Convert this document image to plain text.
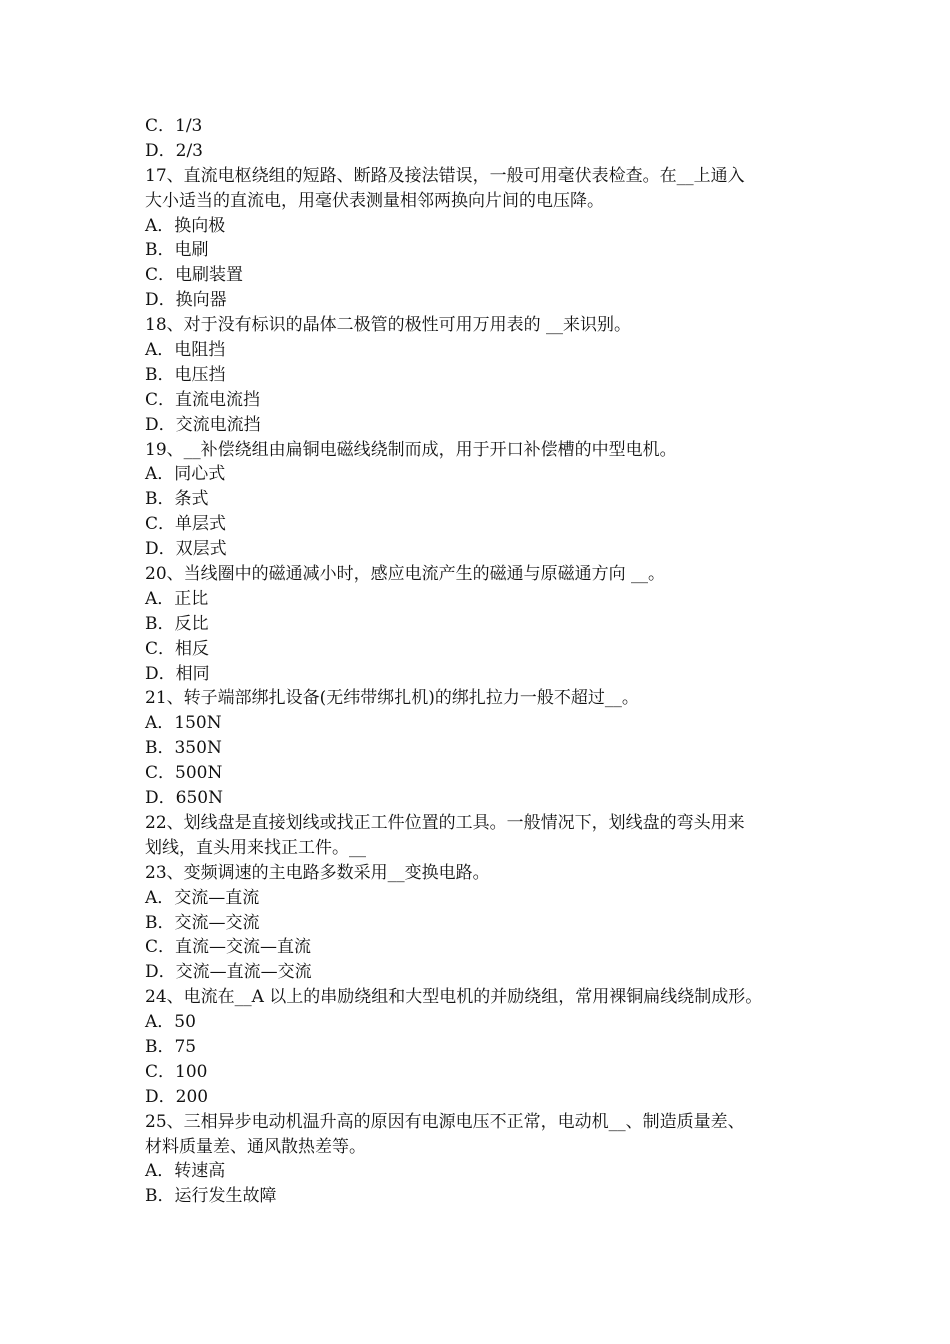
C．1/3
D．2/3
17、直流电枢绕组的短路、断路及接法错误，一般可用毫伏表检查。在__上通入
大小适当的直流电，用毫伏表测量相邻两换向片间的电压降。
A．换向极
B．电刷
C．电刷装置
D．换向器
18、对于没有标识的晶体二极管的极性可用万用表的 __来识别。
A．电阻挡
B．电压挡
C．直流电流挡
D．交流电流挡
19、__补偿绕组由扁铜电磁线绕制而成，用于开口补偿槽的中型电机。
A．同心式
B．条式
C．单层式
D．双层式
20、当线圈中的磁通减小时，感应电流产生的磁通与原磁通方向 __。
A．正比
B．反比
C．相反
D．相同
21、转子端部绑扎设备(无纬带绑扎机)的绑扎拉力一般不超过__。
A．150N
B．350N
C．500N
D．650N
22、划线盘是直接划线或找正工件位置的工具。一般情况下，划线盘的弯头用来
划线，直头用来找正工件。__
23、变频调速的主电路多数采用__变换电路。
A．交流—直流
B．交流—交流
C．直流—交流—直流
D．交流—直流—交流
24、电流在__A 以上的串励绕组和大型电机的并励绕组，常用裸铜扁线绕制成形。
A．50
B．75
C．100
D．200
25、三相异步电动机温升高的原因有电源电压不正常，电动机__、制造质量差、
材料质量差、通风散热差等。
A．转速高
B．运行发生故障
